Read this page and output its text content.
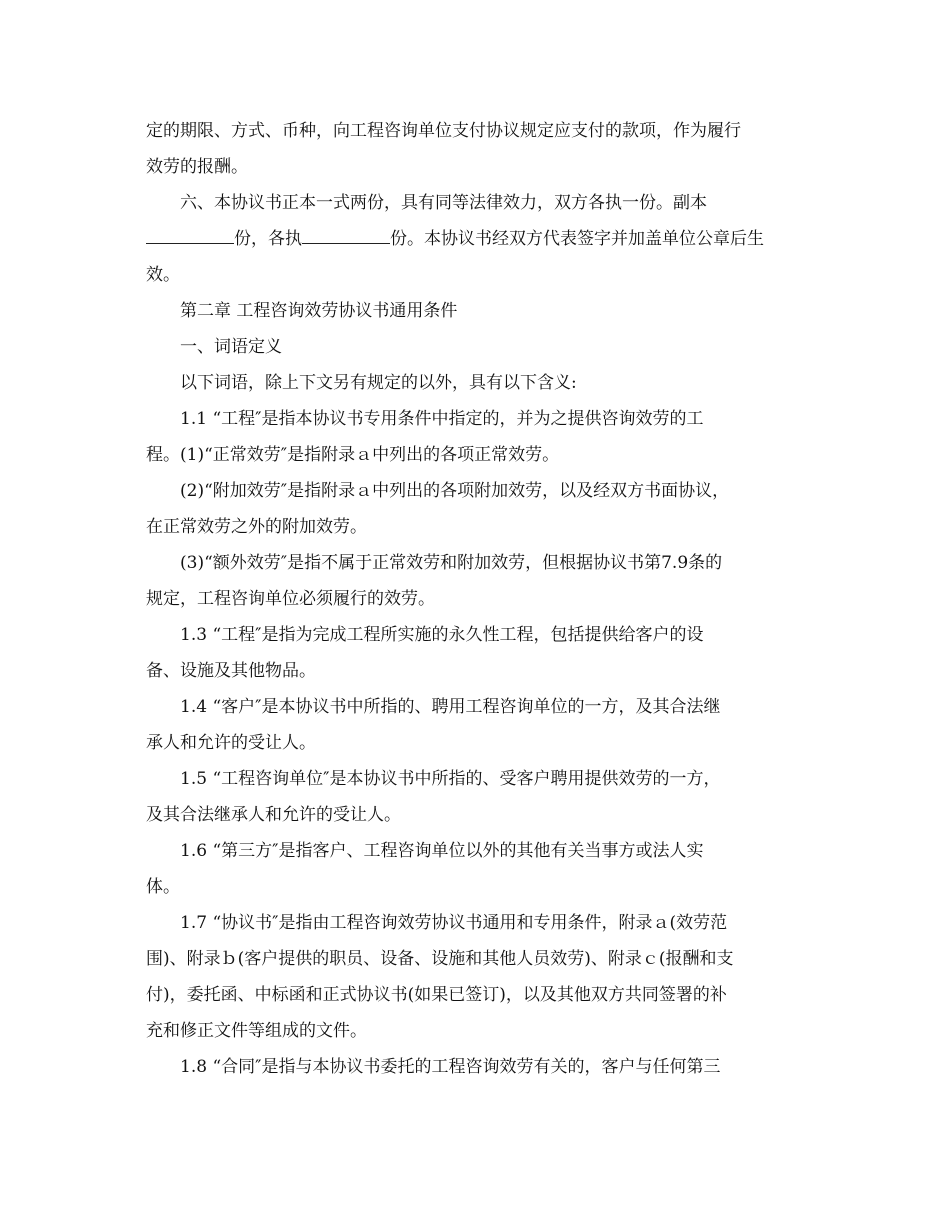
定的期限、方式、币种，向工程咨询单位支付协议规定应支付的款项，作为履行
效劳的报酬。
　　六、本协议书正本一式两份，具有同等法律效力，双方各执一份。副本
份，各执	份。本协议书经双方代表签字并加盖单位公章后生
效。
　　第二章 工程咨询效劳协议书通用条件
　　一、词语定义
　　以下词语，除上下文另有规定的以外，具有以下含义:
　　1.1 “工程″是指本协议书专用条件中指定的，并为之提供咨询效劳的工
程。(1)“正常效劳″是指附录ａ中列出的各项正常效劳。
　　(2)“附加效劳″是指附录ａ中列出的各项附加效劳，以及经双方书面协议，
在正常效劳之外的附加效劳。
　　(3)“额外效劳″是指不属于正常效劳和附加效劳，但根据协议书第7.9条的
规定，工程咨询单位必须履行的效劳。
　　1.3 “工程″是指为完成工程所实施的永久性工程，包括提供给客户的设
备、设施及其他物品。
　　1.4 “客户″是本协议书中所指的、聘用工程咨询单位的一方，及其合法继
承人和允许的受让人。
　　1.5 “工程咨询单位″是本协议书中所指的、受客户聘用提供效劳的一方，
及其合法继承人和允许的受让人。
　　1.6 “第三方″是指客户、工程咨询单位以外的其他有关当事方或法人实
体。
　　1.7 “协议书″是指由工程咨询效劳协议书通用和专用条件，附录ａ(效劳范
围)、附录ｂ(客户提供的职员、设备、设施和其他人员效劳)、附录ｃ(报酬和支
付)，委托函、中标函和正式协议书(如果已签订)，以及其他双方共同签署的补
充和修正文件等组成的文件。
　　1.8 “合同″是指与本协议书委托的工程咨询效劳有关的，客户与任何第三
